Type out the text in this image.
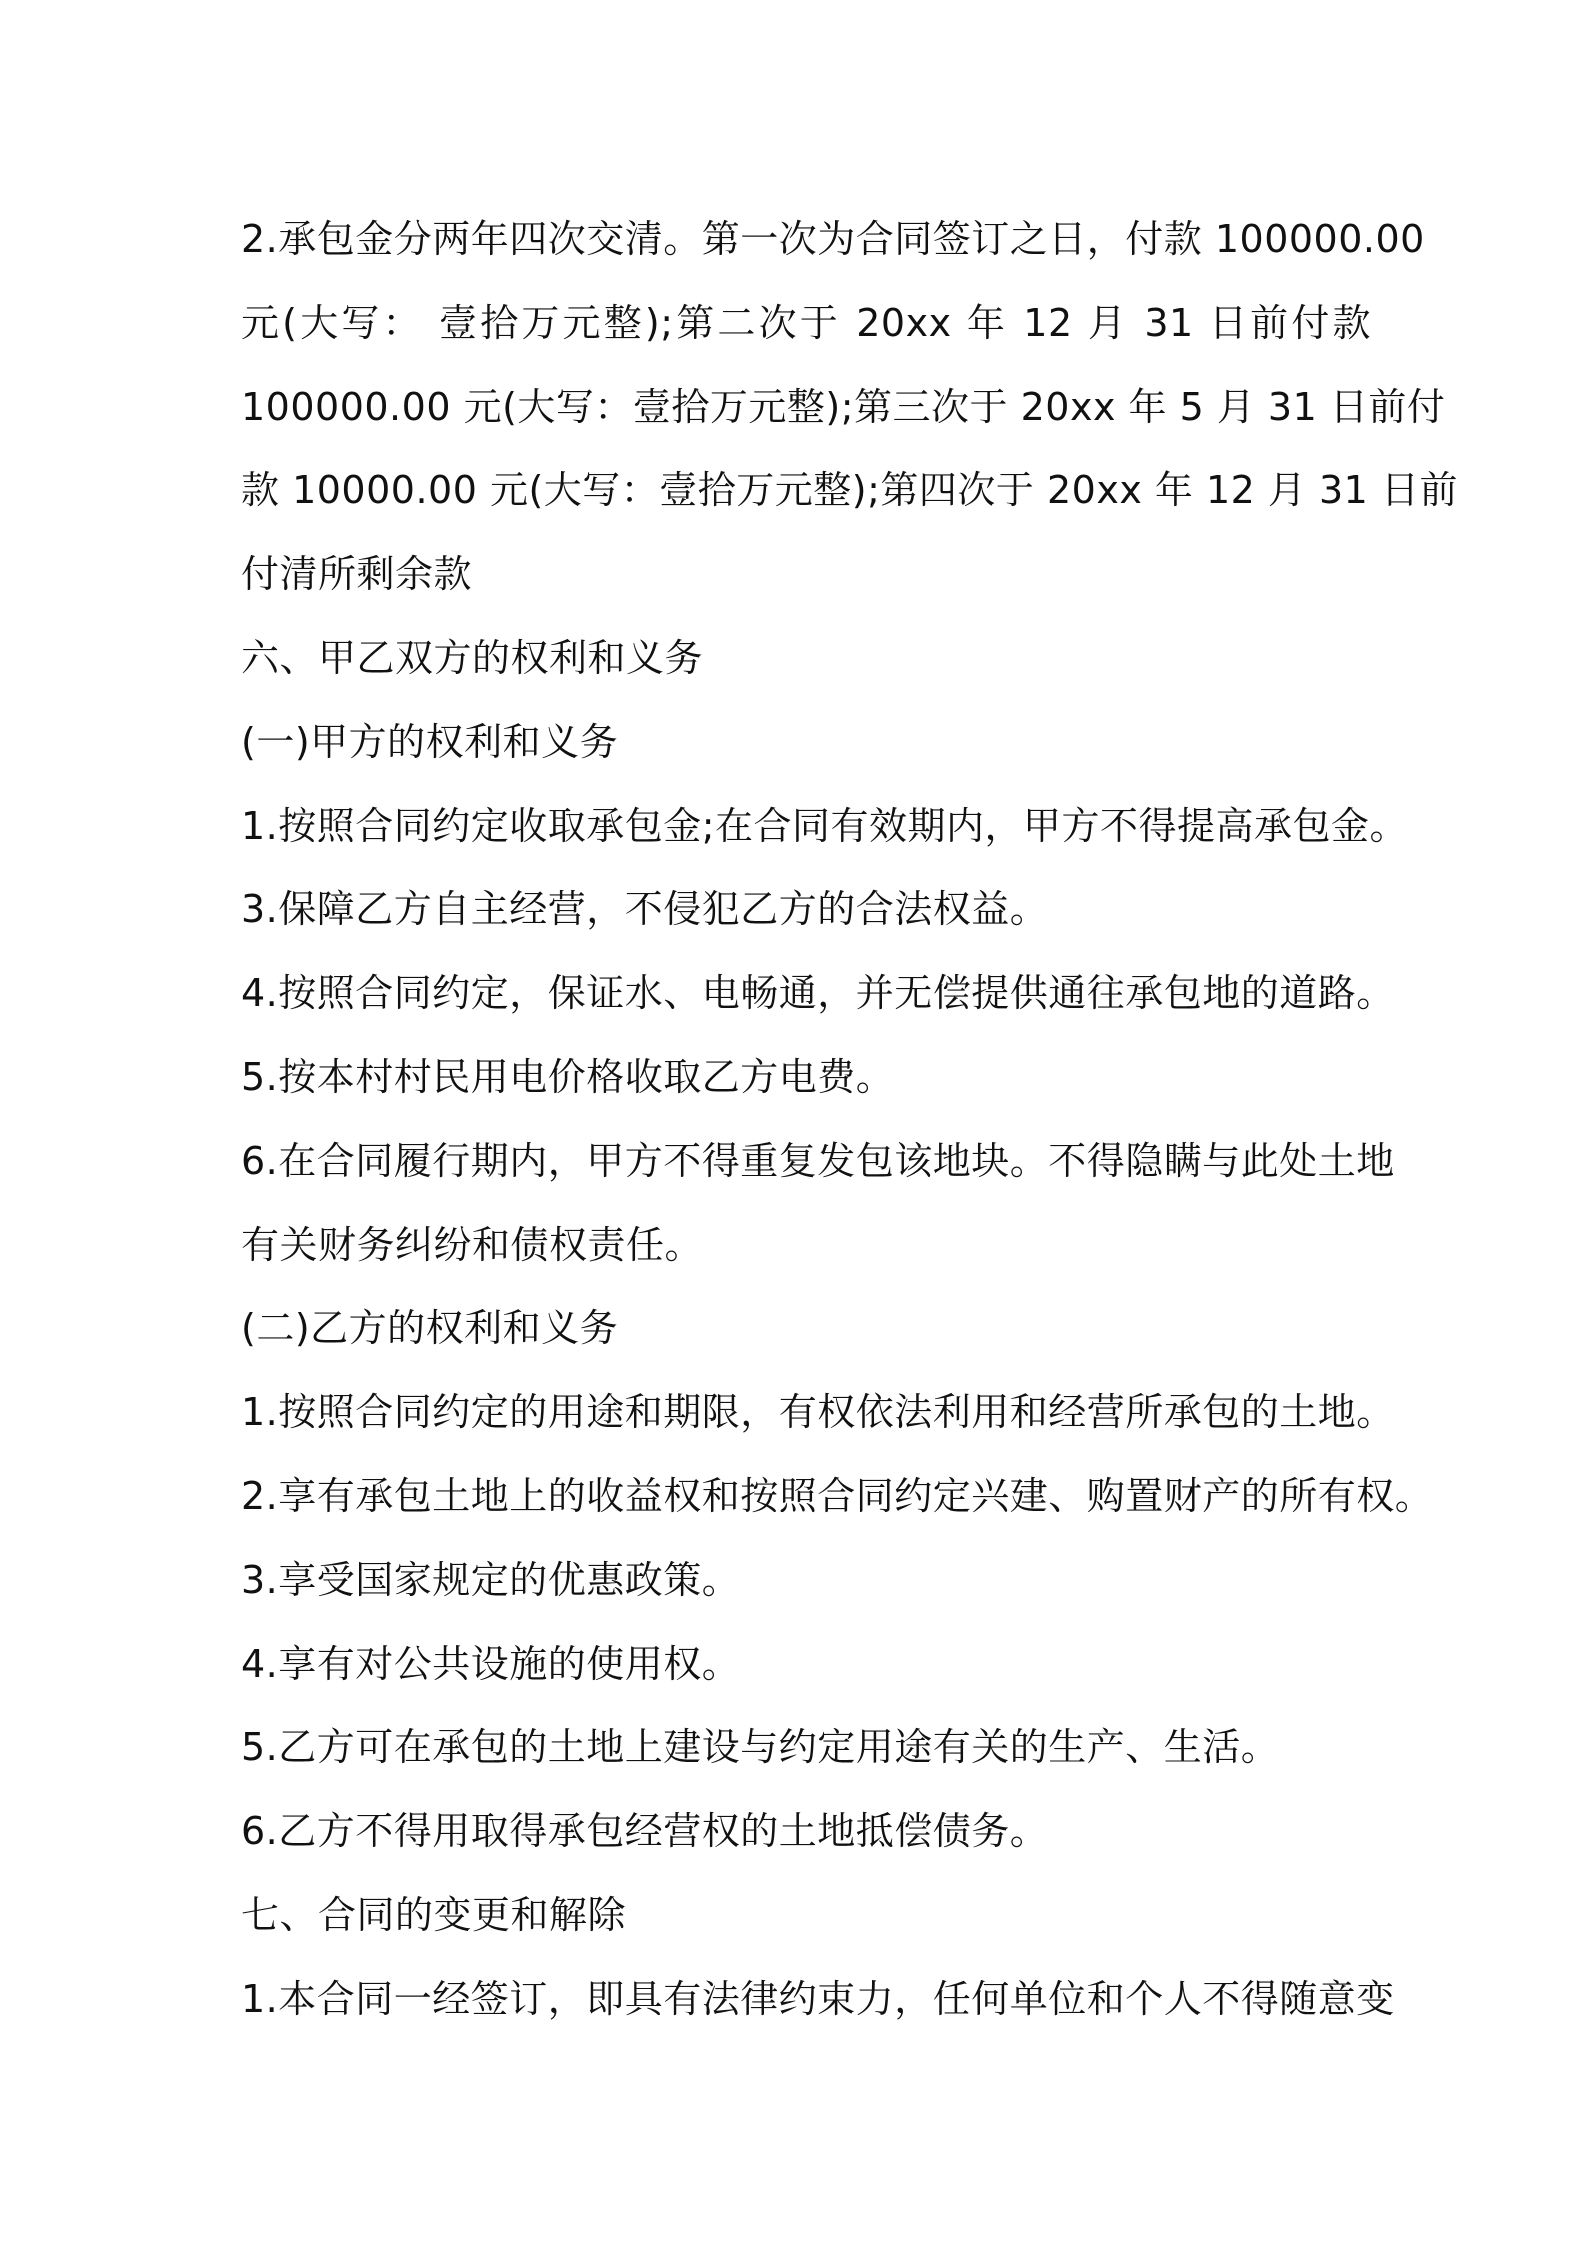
2.承包金分两年四次交清。第一次为合同签订之日，付款 100000.00
元(大写： 壹拾万元整);第二次于 20xx 年 12 月 31 日前付款
100000.00 元(大写：壹拾万元整);第三次于 20xx 年 5 月 31 日前付
款 10000.00 元(大写：壹拾万元整);第四次于 20xx 年 12 月 31 日前
付清所剩余款
六、甲乙双方的权利和义务
(一)甲方的权利和义务
1.按照合同约定收取承包金;在合同有效期内，甲方不得提高承包金。
3.保障乙方自主经营，不侵犯乙方的合法权益。
4.按照合同约定，保证水、电畅通，并无偿提供通往承包地的道路。
5.按本村村民用电价格收取乙方电费。
6.在合同履行期内，甲方不得重复发包该地块。不得隐瞒与此处土地
有关财务纠纷和债权责任。
(二)乙方的权利和义务
1.按照合同约定的用途和期限，有权依法利用和经营所承包的土地。
2.享有承包土地上的收益权和按照合同约定兴建、购置财产的所有权。
3.享受国家规定的优惠政策。
4.享有对公共设施的使用权。
5.乙方可在承包的土地上建设与约定用途有关的生产、生活。
6.乙方不得用取得承包经营权的土地抵偿债务。
七、合同的变更和解除
1.本合同一经签订，即具有法律约束力，任何单位和个人不得随意变
